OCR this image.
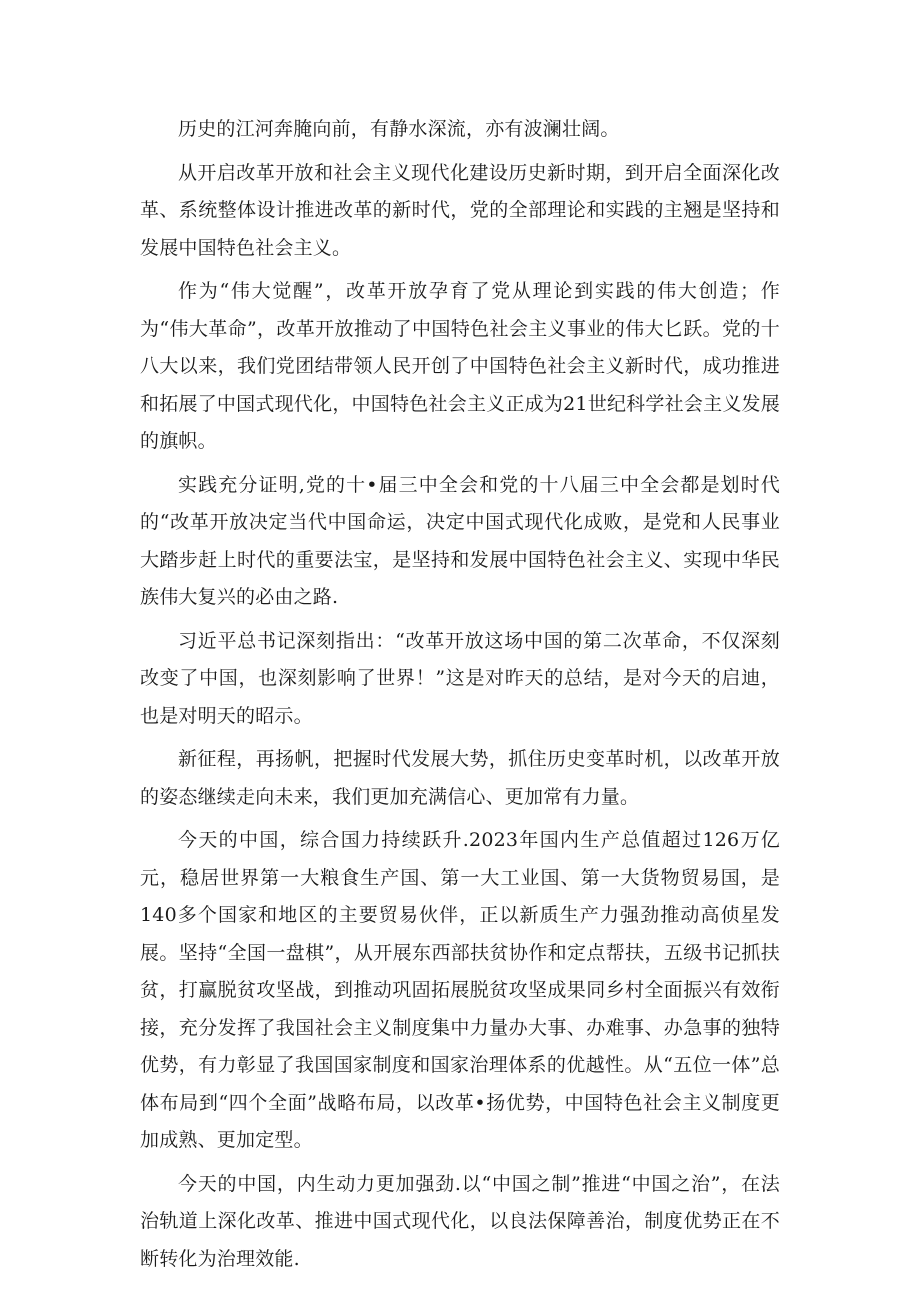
历史的江河奔腌向前，有静水深流，亦有波澜壮阔。

从开启改革开放和社会主义现代化建设历史新时期，到开启全面深化改革、系统整体设计推进改革的新时代，党的全部理论和实践的主翘是坚持和发展中国特色社会主义。

作为“伟大觉醒”，改革开放孕育了党从理论到实践的伟大创造；作为“伟大革命”，改革开放推动了中国特色社会主义事业的伟大匕跃。党的十八大以来，我们党团结带领人民开创了中国特色社会主义新时代，成功推进和拓展了中国式现代化，中国特色社会主义正成为21世纪科学社会主义发展的旗帜。

实践充分证明,党的十•届三中全会和党的十八届三中全会都是划时代的“改革开放决定当代中国命运，决定中国式现代化成败，是党和人民事业大踏步赶上时代的重要法宝，是坚持和发展中国特色社会主义、实现中华民族伟大复兴的必由之路.

习近平总书记深刻指出：“改革开放这场中国的第二次革命，不仅深刻改变了中国，也深刻影响了世界！”这是对昨天的总结，是对今天的启迪，也是对明天的昭示。

新征程，再扬帆，把握时代发展大势，抓住历史变革时机，以改革开放的姿态继续走向未来，我们更加充满信心、更加常有力量。

今天的中国，综合国力持续跃升.2023年国内生产总值超过126万亿元，稳居世界第一大粮食生产国、第一大工业国、第一大货物贸易国，是140多个国家和地区的主要贸易伙伴，正以新质生产力强劲推动高侦星发展。坚持“全国一盘棋”，从开展东西部扶贫协作和定点帮扶，五级书记抓扶贫，打赢脱贫攻坚战，到推动巩固拓展脱贫攻坚成果同乡村全面振兴有效衔接，充分发挥了我国社会主义制度集中力量办大事、办难事、办急事的独特优势，有力彰显了我国国家制度和国家治理体系的优越性。从“五位一体”总体布局到“四个全面”战略布局，以改革•扬优势，中国特色社会主义制度更加成熟、更加定型。

今天的中国，内生动力更加强劲.以“中国之制”推进“中国之治”，在法治轨道上深化改革、推进中国式现代化，以良法保障善治，制度优势正在不断转化为治理效能.
